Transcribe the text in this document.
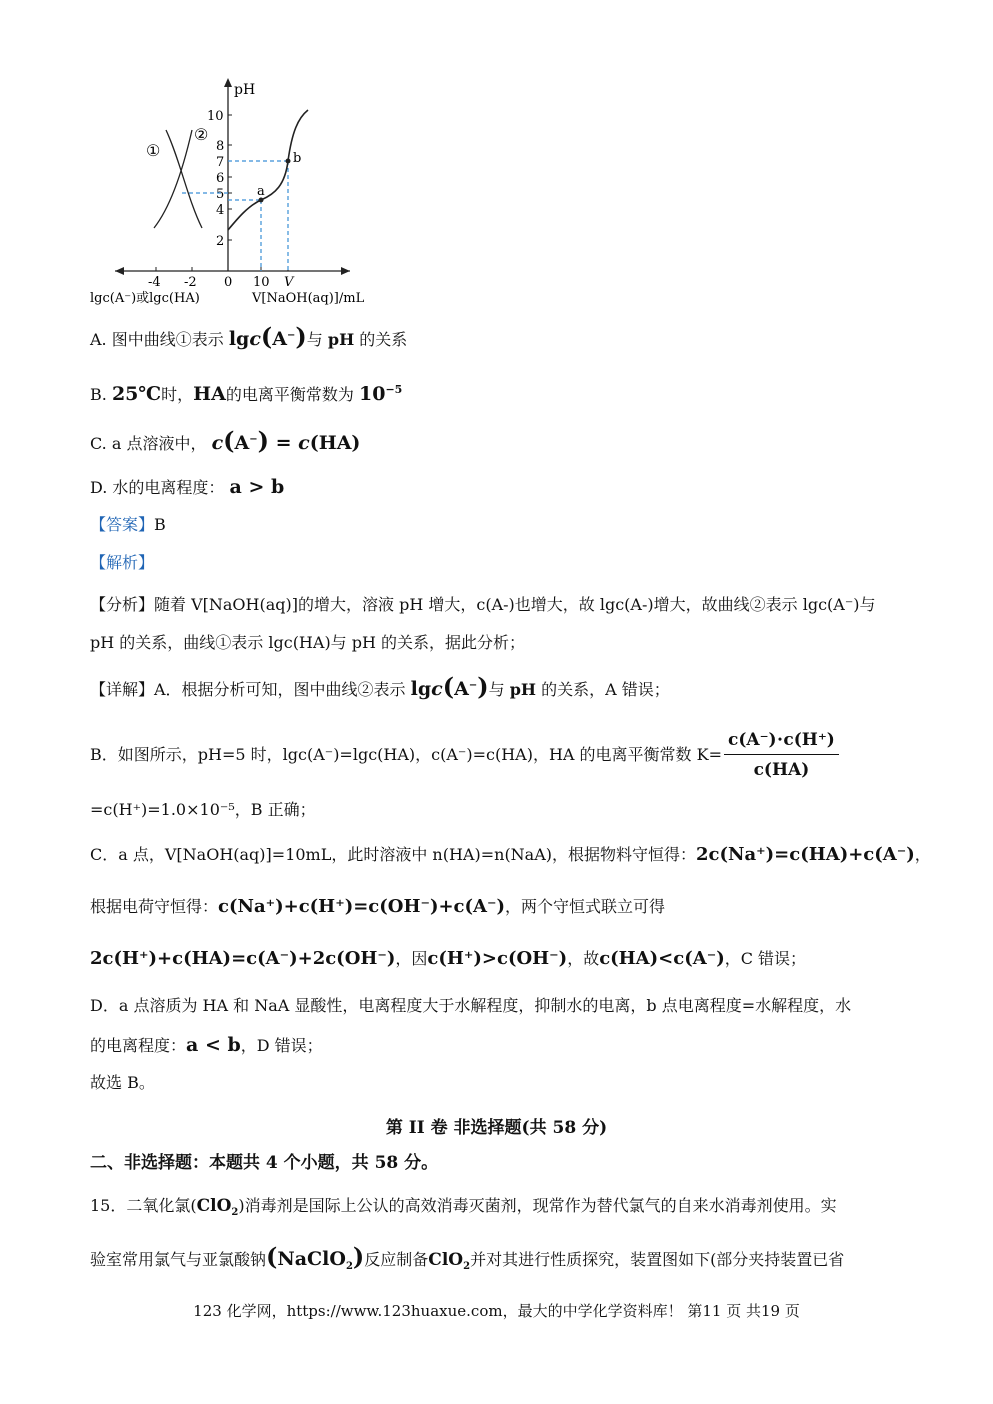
pH
10
8
7
6
5
4
2
-4 -2 0 10 V
lgc(A⁻)或lgc(HA)	V[NaOH(aq)]/mL
①
②
a
b
A. 图中曲线①表示 lgc(A−)与 pH 的关系
B. 25℃时，HA的电离平衡常数为 $10^{-5}$
C. a 点溶液中， c(A−) = c(HA)
D. 水的电离程度： a > b
【答案】B
【解析】
【分析】随着 V[NaOH(aq)]的增大，溶液 pH 增大，c(A-)也增大，故 lgc(A-)增大，故曲线②表示 lgc(A⁻)与
pH 的关系，曲线①表示 lgc(HA)与 pH 的关系，据此分析；
【详解】A．根据分析可知，图中曲线②表示 lgc(A−)与 pH 的关系，A 错误；
B．如图所示，pH=5 时，lgc(A⁻)=lgc(HA)，c(A⁻)=c(HA)，HA 的电离平衡常数 $K= \frac{c(A^-)\cdot c(H^+)}{c(HA)}$
=c(H⁺)=1.0×10⁻⁵，B 正确；
C．a 点，V[NaOH(aq)]=10mL，此时溶液中 n(HA)=n(NaA)，根据物料守恒得：2c(Na⁺)=c(HA)+c(A⁻)，
根据电荷守恒得：c(Na⁺)+c(H⁺)=c(OH⁻)+c(A⁻)，两个守恒式联立可得
2c(H⁺)+c(HA)=c(A⁻)+2c(OH⁻)，因c(H⁺)>c(OH⁻)，故c(HA)<c(A⁻)，C 错误；
D．a 点溶质为 HA 和 NaA 显酸性，电离程度大于水解程度，抑制水的电离，b 点电离程度=水解程度，水
的电离程度：a < b，D 错误；
故选 B。
第 II 卷 非选择题(共 58 分)
二、非选择题：本题共 4 个小题，共 58 分。
15．二氧化氯(ClO$_2$)消毒剂是国际上公认的高效消毒灭菌剂，现常作为替代氯气的自来水消毒剂使用。实
验室常用氯气与亚氯酸钠(NaClO$_2$)反应制备ClO$_2$并对其进行性质探究，装置图如下(部分夹持装置已省
123 化学网，https://www.123huaxue.com，最大的中学化学资料库！ 第11 页 共19 页
